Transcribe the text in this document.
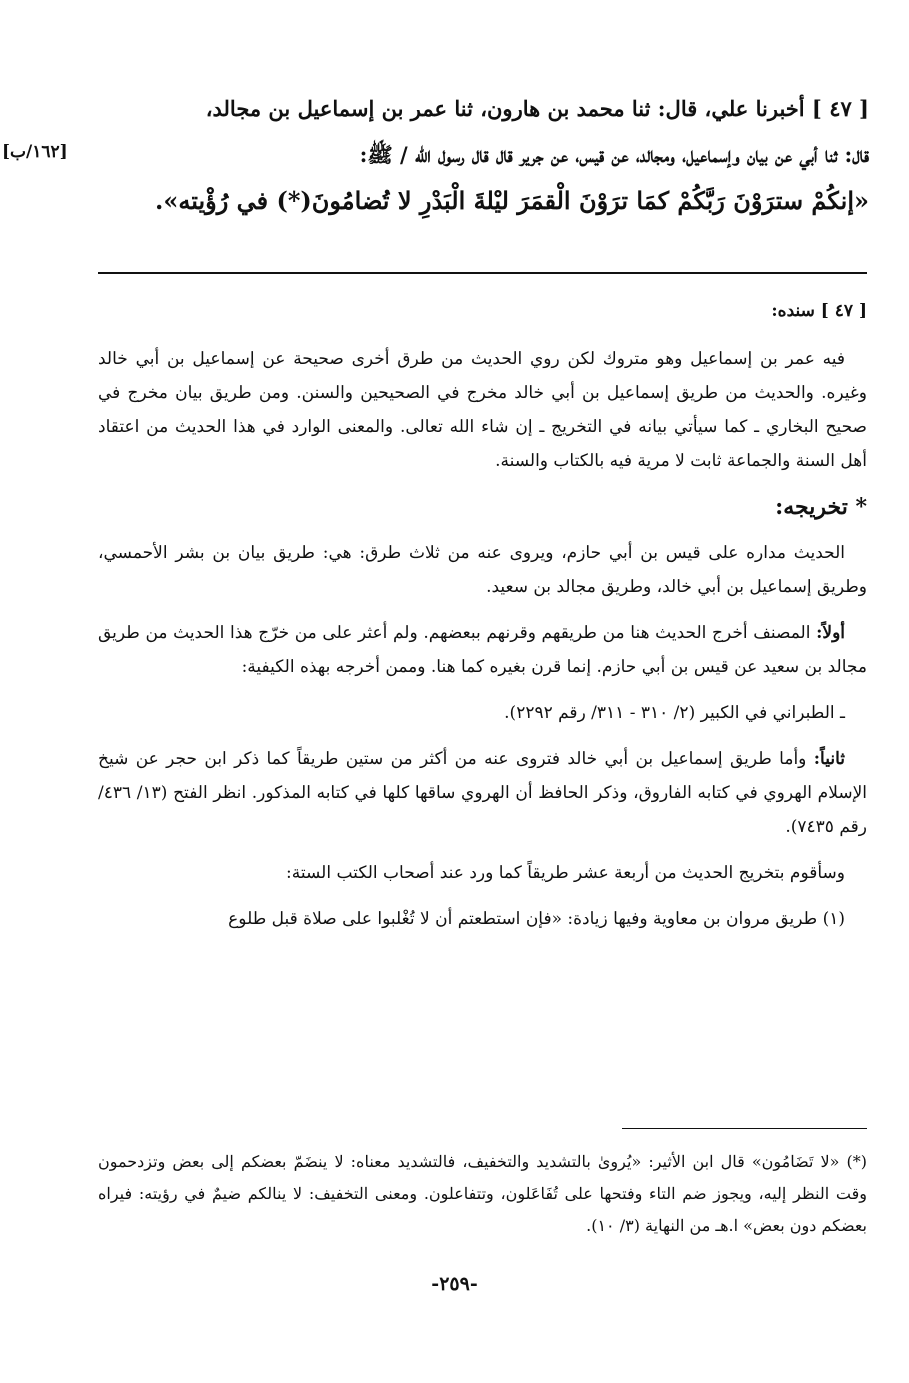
[ ٤٧ ] أخبرنا علي، قال: ثنا محمد بن هارون، ثنا عمر بن إسماعيل بن مجالد،
قال: ثنا أبي عن بيان وإسماعيل، ومجالد، عن قيس، عن جرير قال قال رسول الله / ﷺ:
«إنكُمْ سترَوْنَ رَبَّكُمْ كمَا ترَوْنَ الْقمَرَ ليْلةَ الْبَدْرِ لا تُضامُونَ(*) في رُؤْيته».
[١٦٢/ب]

[ ٤٧ ] سنده:

فيه عمر بن إسماعيل وهو متروك لكن روي الحديث من طرق أخرى صحيحة عن إسماعيل بن أبي خالد وغيره. والحديث من طريق إسماعيل بن أبي خالد مخرج في الصحيحين والسنن. ومن طريق بيان مخرج في صحيح البخاري ـ كما سيأتي بيانه في التخريج ـ إن شاء الله تعالى. والمعنى الوارد في هذا الحديث من اعتقاد أهل السنة والجماعة ثابت لا مرية فيه بالكتاب والسنة.

* تخريجه:

الحديث مداره على قيس بن أبي حازم، ويروى عنه من ثلاث طرق: هي: طريق بيان بن بشر الأحمسي، وطريق إسماعيل بن أبي خالد، وطريق مجالد بن سعيد.

أولاً: المصنف أخرج الحديث هنا من طريقهم وقرنهم ببعضهم. ولم أعثر على من خرّج هذا الحديث من طريق مجالد بن سعيد عن قيس بن أبي حازم. إنما قرن بغيره كما هنا. وممن أخرجه بهذه الكيفية:

ـ الطبراني في الكبير (٢/ ٣١٠ - ٣١١/ رقم ٢٢٩٢).

ثانياً: وأما طريق إسماعيل بن أبي خالد فتروى عنه من أكثر من ستين طريقاً كما ذكر ابن حجر عن شيخ الإسلام الهروي في كتابه الفاروق، وذكر الحافظ أن الهروي ساقها كلها في كتابه المذكور. انظر الفتح (١٣/ ٤٣٦/ رقم ٧٤٣٥).

وسأقوم بتخريج الحديث من أربعة عشر طريقاً كما ورد عند أصحاب الكتب الستة:

(١) طريق مروان بن معاوية وفيها زيادة: «فإن استطعتم أن لا تُغْلبوا على صلاة قبل طلوع

(*) «لا تَضَامُون» قال ابن الأثير: «يُروىٰ بالتشديد والتخفيف، فالتشديد معناه: لا ينضَمّ بعضكم إلى بعض وتزدحمون وقت النظر إليه، ويجوز ضم التاء وفتحها على تُفَاعَلون، وتتفاعلون. ومعنى التخفيف: لا ينالكم ضيمٌ في رؤيته: فيراه بعضكم دون بعض» ا.هـ من النهاية (٣/ ١٠).

-٢٥٩-
